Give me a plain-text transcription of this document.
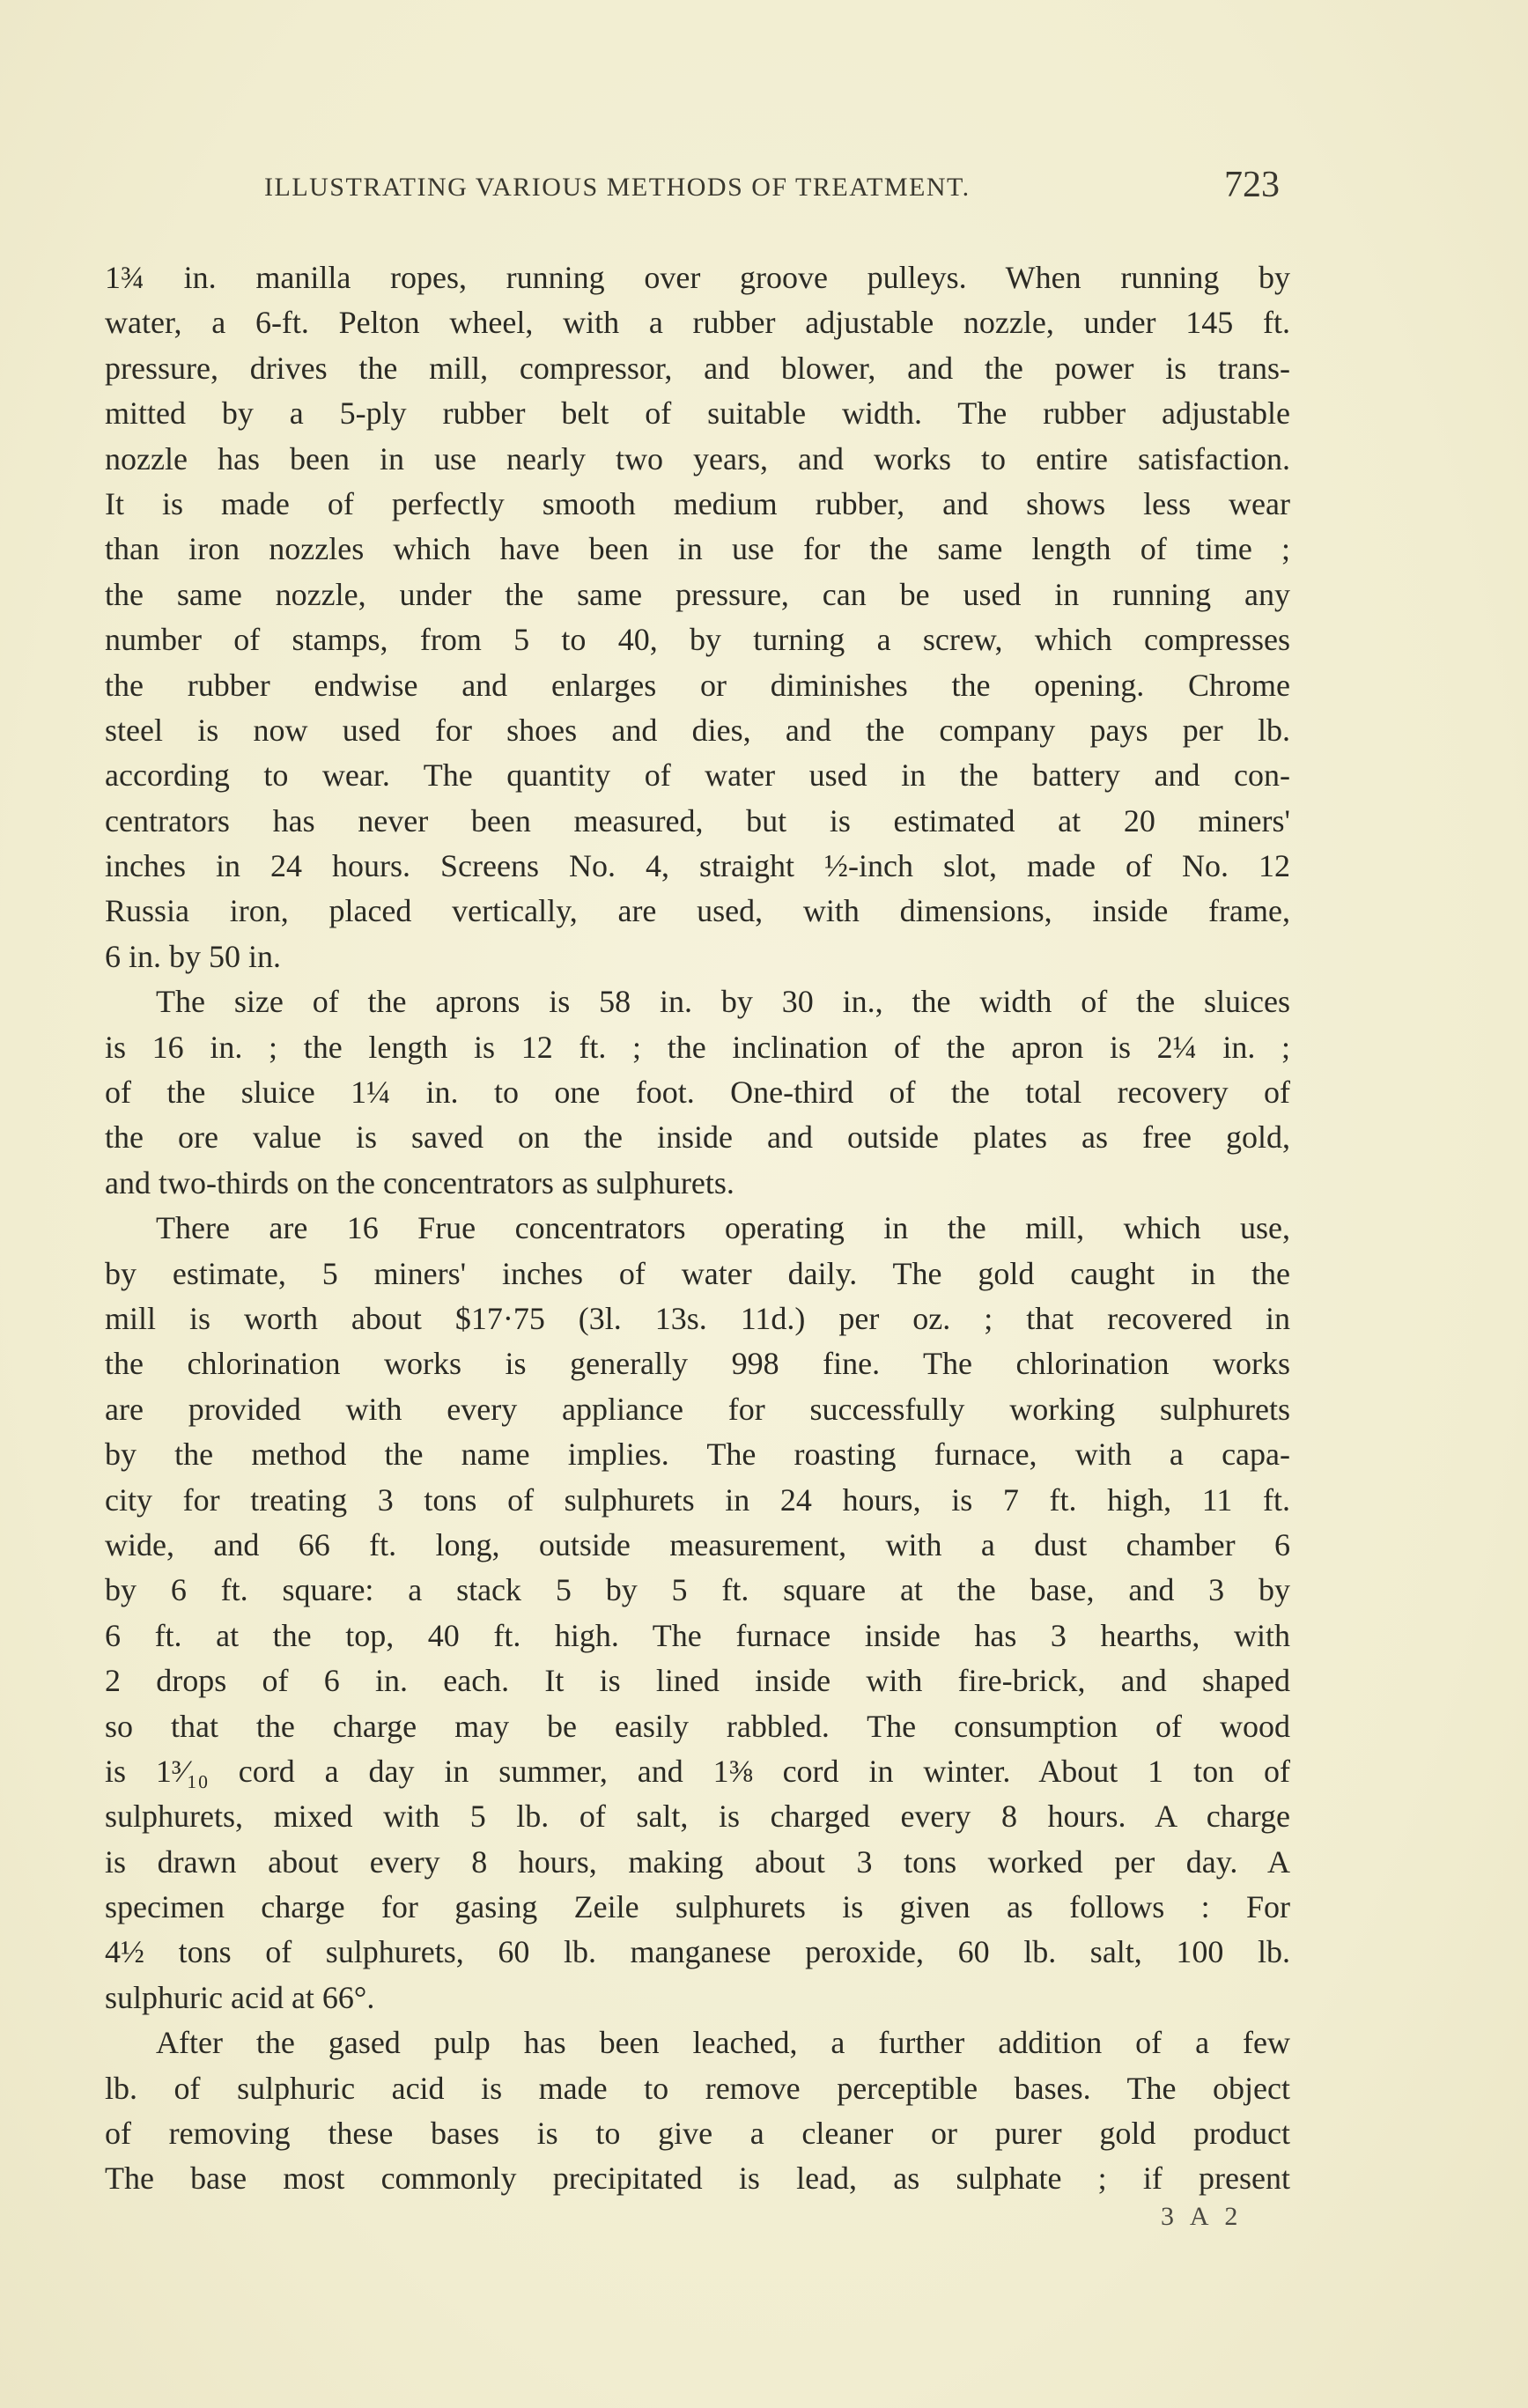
ILLUSTRATING VARIOUS METHODS OF TREATMENT.	723
1¾ in. manilla ropes, running over groove pulleys. When running by
water, a 6-ft. Pelton wheel, with a rubber adjustable nozzle, under 145 ft.
pressure, drives the mill, compressor, and blower, and the power is trans-
mitted by a 5-ply rubber belt of suitable width. The rubber adjustable
nozzle has been in use nearly two years, and works to entire satisfaction.
It is made of perfectly smooth medium rubber, and shows less wear
than iron nozzles which have been in use for the same length of time ;
the same nozzle, under the same pressure, can be used in running any
number of stamps, from 5 to 40, by turning a screw, which compresses
the rubber endwise and enlarges or diminishes the opening. Chrome
steel is now used for shoes and dies, and the company pays per lb.
according to wear. The quantity of water used in the battery and con-
centrators has never been measured, but is estimated at 20 miners'
inches in 24 hours. Screens No. 4, straight ½-inch slot, made of No. 12
Russia iron, placed vertically, are used, with dimensions, inside frame,
6 in. by 50 in.
The size of the aprons is 58 in. by 30 in., the width of the sluices
is 16 in. ; the length is 12 ft. ; the inclination of the apron is 2¼ in. ;
of the sluice 1¼ in. to one foot. One-third of the total recovery of
the ore value is saved on the inside and outside plates as free gold,
and two-thirds on the concentrators as sulphurets.
There are 16 Frue concentrators operating in the mill, which use,
by estimate, 5 miners' inches of water daily. The gold caught in the
mill is worth about $17·75 (3l. 13s. 11d.) per oz. ; that recovered in
the chlorination works is generally 998 fine. The chlorination works
are provided with every appliance for successfully working sulphurets
by the method the name implies. The roasting furnace, with a capa-
city for treating 3 tons of sulphurets in 24 hours, is 7 ft. high, 11 ft.
wide, and 66 ft. long, outside measurement, with a dust chamber 6
by 6 ft. square: a stack 5 by 5 ft. square at the base, and 3 by
6 ft. at the top, 40 ft. high. The furnace inside has 3 hearths, with
2 drops of 6 in. each. It is lined inside with fire-brick, and shaped
so that the charge may be easily rabbled. The consumption of wood
is 1³⁄₁₀ cord a day in summer, and 1⅜ cord in winter. About 1 ton of
sulphurets, mixed with 5 lb. of salt, is charged every 8 hours. A charge
is drawn about every 8 hours, making about 3 tons worked per day. A
specimen charge for gasing Zeile sulphurets is given as follows : For
4½ tons of sulphurets, 60 lb. manganese peroxide, 60 lb. salt, 100 lb.
sulphuric acid at 66°.
After the gased pulp has been leached, a further addition of a few
lb. of sulphuric acid is made to remove perceptible bases. The object
of removing these bases is to give a cleaner or purer gold product
The base most commonly precipitated is lead, as sulphate ; if present
3 A 2
